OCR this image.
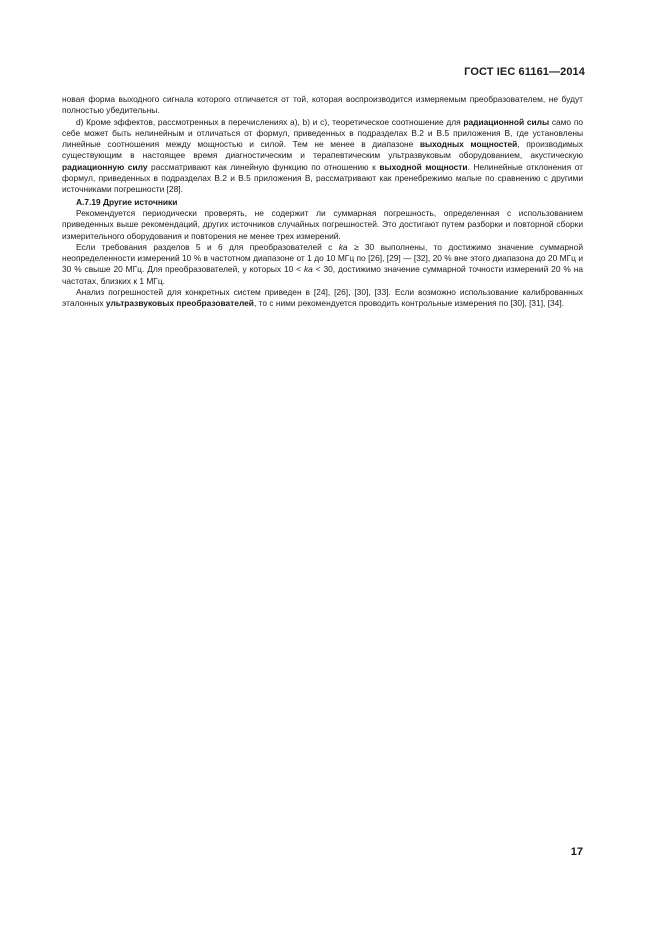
ГОСТ IEC 61161—2014

новая форма выходного сигнала которого отличается от той, которая воспроизводится измеряемым преобразователем, не будут полностью убедительны.

d) Кроме эффектов, рассмотренных в перечислениях a), b) и c), теоретическое соотношение для радиационной силы само по себе может быть нелинейным и отличаться от формул, приведенных в подразделах B.2 и B.5 приложения B, где установлены линейные соотношения между мощностью и силой. Тем не менее в диапазоне выходных мощностей, производимых существующим в настоящее время диагностическим и терапевтическим ультразвуковым оборудованием, акустическую радиационную силу рассматривают как линейную функцию по отношению к выходной мощности. Нелинейные отклонения от формул, приведенных в подразделах B.2 и B.5 приложения B, рассматривают как пренебрежимо малые по сравнению с другими источниками погрешности [28].

A.7.19 Другие источники

Рекомендуется периодически проверять, не содержит ли суммарная погрешность, определенная с использованием приведенных выше рекомендаций, других источников случайных погрешностей. Это достигают путем разборки и повторной сборки измерительного оборудования и повторения не менее трех измерений.

Если требования разделов 5 и 6 для преобразователей с ka ≥ 30 выполнены, то достижимо значение суммарной неопределенности измерений 10 % в частотном диапазоне от 1 до 10 МГц по [26], [29] — [32], 20 % вне этого диапазона до 20 МГц и 30 % свыше 20 МГц. Для преобразователей, у которых 10 < ka < 30, достижимо значение суммарной точности измерений 20 % на частотах, близких к 1 МГц.

Анализ погрешностей для конкретных систем приведен в [24], [26], [30], [33]. Если возможно использование калиброванных эталонных ультразвуковых преобразователей, то с ними рекомендуется проводить контрольные измерения по [30], [31], [34].

17
